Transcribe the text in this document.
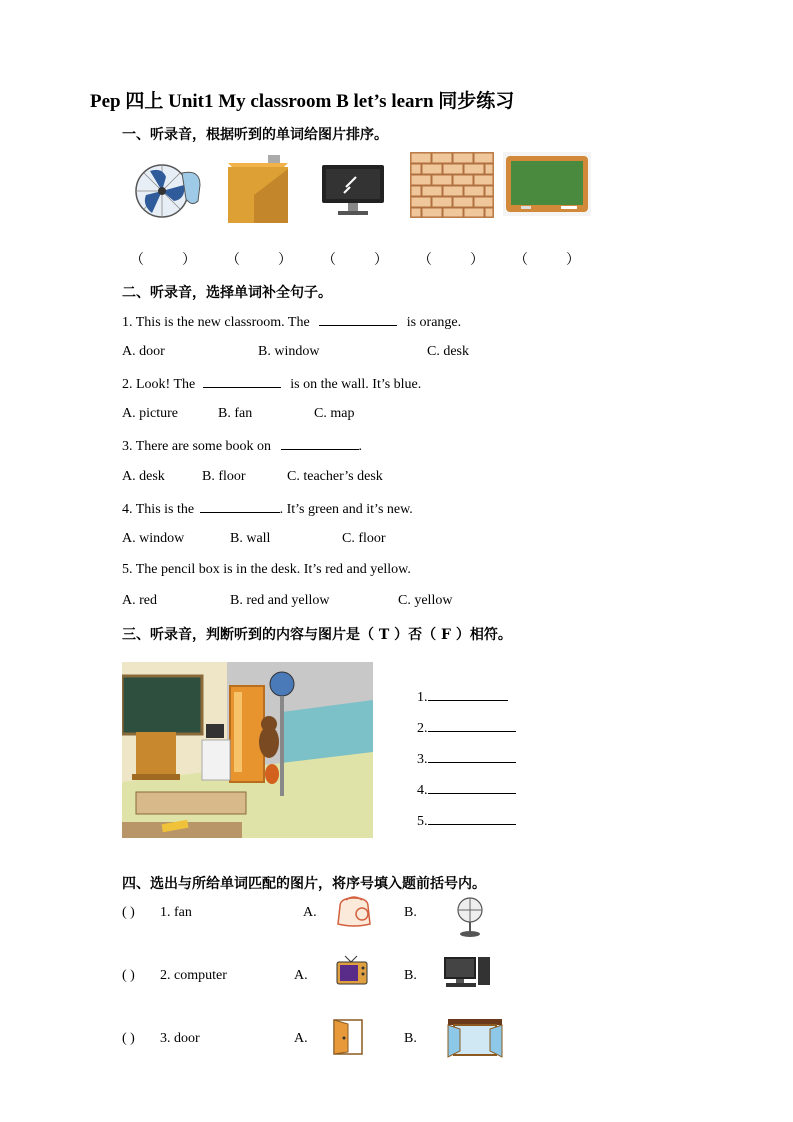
Pep 四上 Unit1 My classroom B let’s learn 同步练习
一、听录音，根据听到的单词给图片排序。
（	） （	） （	） （	） （	）
二、听录音，选择单词补全句子。
1. This is the new classroom. The	is orange.
A. door	B. window	C. desk
2. Look! The	is on the wall. It’s blue.
A. picture	B. fan	C. map
3. There are some book on	.
A. desk	B. floor	C. teacher’s desk
4. This is the	. It’s green and it’s new.
A. window	B. wall	C. floor
5. The pencil box is in the desk. It’s red and yellow.
A. red	B. red and yellow	C. yellow
三、听录音，判断听到的内容与图片是（ T ）否（ F ）相符。
1.
2.
3.
4.
5.
四、选出与所给单词匹配的图片，将序号填入题前括号内。
( ) 1. fan	A.	B.
( ) 2. computer	A.	B.
( ) 3. door	A.	B.
